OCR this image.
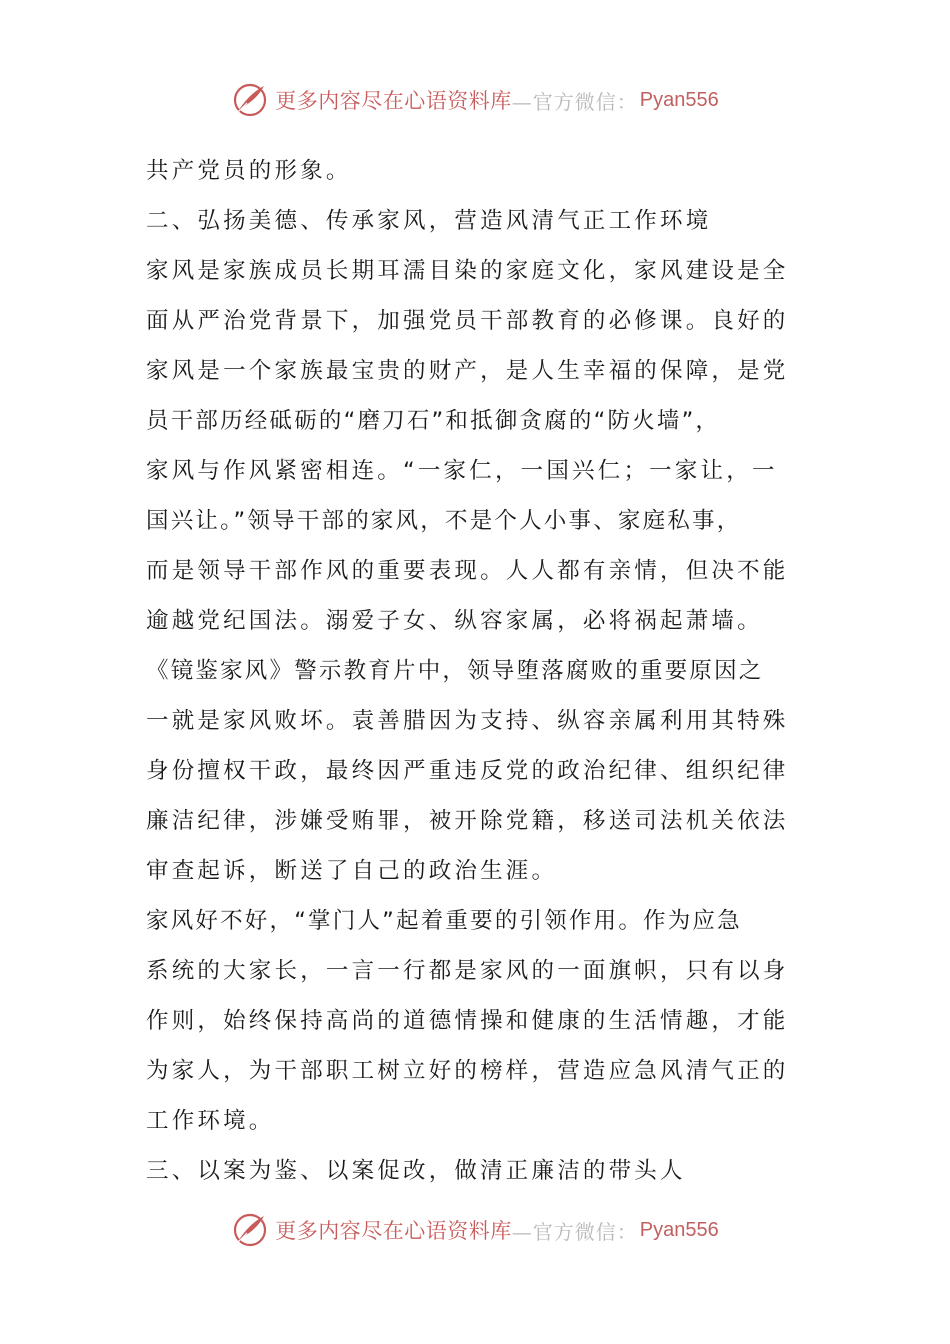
更多内容尽在心语资料库 —官方微信： Pyan556
共产党员的形象。
二、弘扬美德、传承家风，营造风清气正工作环境
家风是家族成员长期耳濡目染的家庭文化，家风建设是全
面从严治党背景下，加强党员干部教育的必修课。良好的
家风是一个家族最宝贵的财产，是人生幸福的保障，是党
员干部历经砥砺的“磨刀石”和抵御贪腐的“防火墙”，
家风与作风紧密相连。“一家仁，一国兴仁；一家让，一
国兴让。”领导干部的家风，不是个人小事、家庭私事，
而是领导干部作风的重要表现。人人都有亲情，但决不能
逾越党纪国法。溺爱子女、纵容家属，必将祸起萧墙。
《镜鉴家风》警示教育片中，领导堕落腐败的重要原因之
一就是家风败坏。袁善腊因为支持、纵容亲属利用其特殊
身份擅权干政，最终因严重违反党的政治纪律、组织纪律
廉洁纪律，涉嫌受贿罪，被开除党籍，移送司法机关依法
审查起诉，断送了自己的政治生涯。
家风好不好，“掌门人”起着重要的引领作用。作为应急
系统的大家长，一言一行都是家风的一面旗帜，只有以身
作则，始终保持高尚的道德情操和健康的生活情趣，才能
为家人，为干部职工树立好的榜样，营造应急风清气正的
工作环境。
三、以案为鉴、以案促改，做清正廉洁的带头人
更多内容尽在心语资料库 —官方微信： Pyan556
